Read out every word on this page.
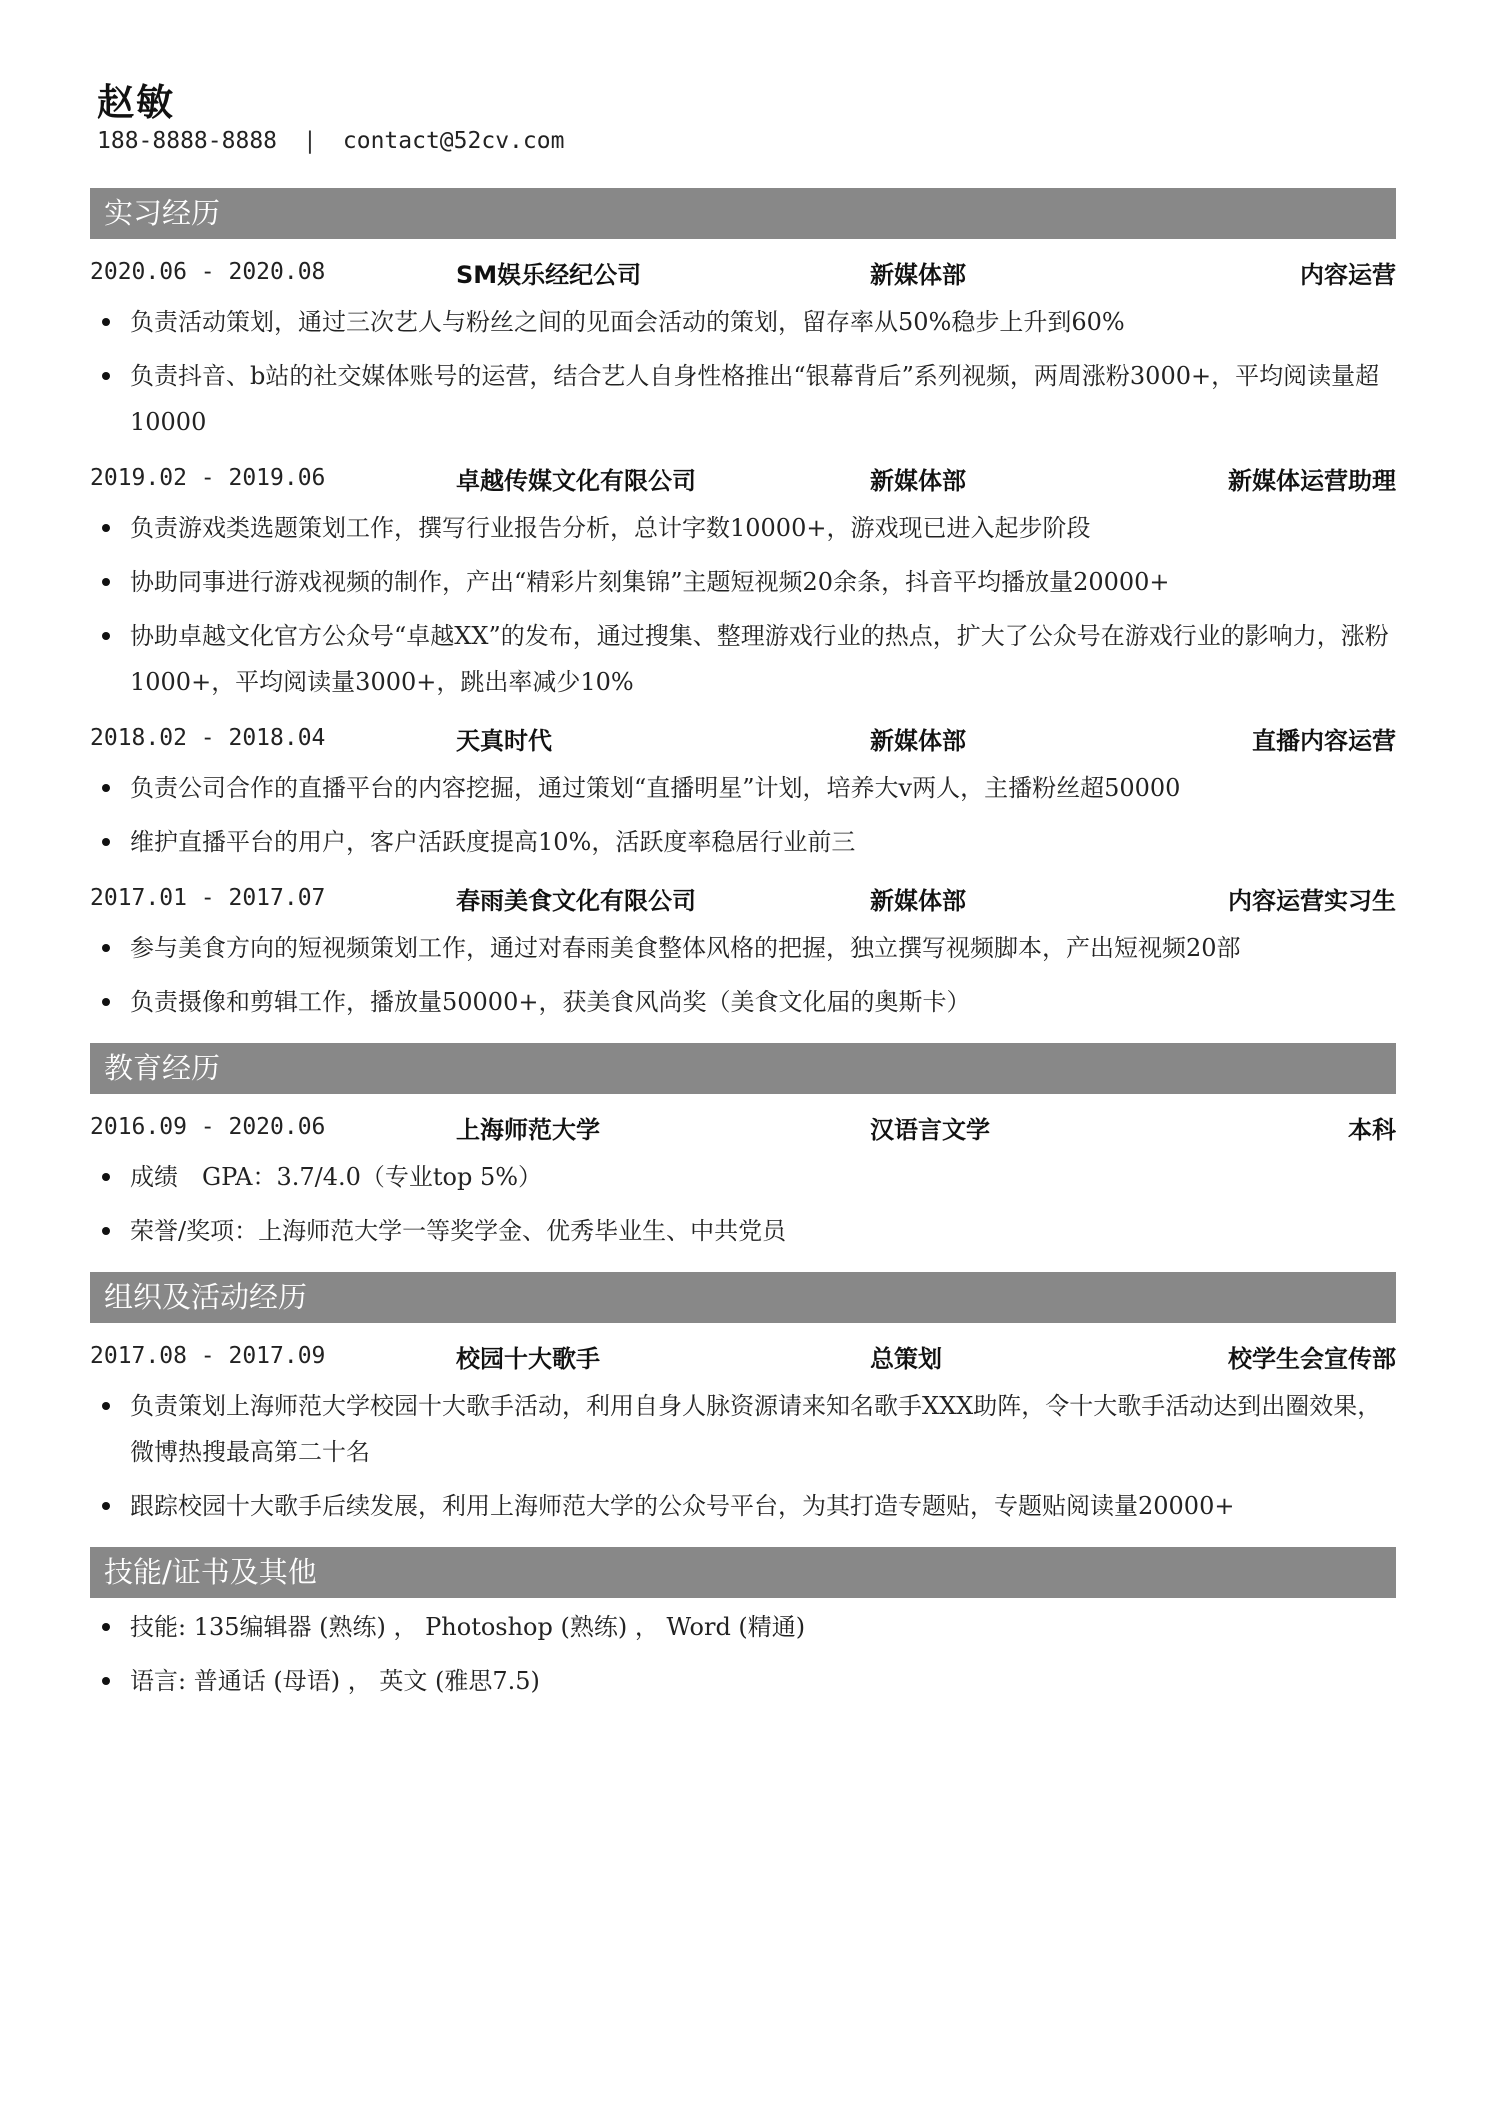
赵敏
188-8888-8888 | contact@52cv.com
实习经历
2020.06 - 2020.08	SM娱乐经纪公司	新媒体部	内容运营
负责活动策划，通过三次艺人与粉丝之间的见面会活动的策划，留存率从50%稳步上升到60%
负责抖音、b站的社交媒体账号的运营，结合艺人自身性格推出“银幕背后”系列视频，两周涨粉3000+，平均阅读量超10000
2019.02 - 2019.06	卓越传媒文化有限公司	新媒体部	新媒体运营助理
负责游戏类选题策划工作，撰写行业报告分析，总计字数10000+，游戏现已进入起步阶段
协助同事进行游戏视频的制作，产出“精彩片刻集锦”主题短视频20余条，抖音平均播放量20000+
协助卓越文化官方公众号“卓越XX”的发布，通过搜集、整理游戏行业的热点，扩大了公众号在游戏行业的影响力，涨粉1000+，平均阅读量3000+，跳出率减少10%
2018.02 - 2018.04	天真时代	新媒体部	直播内容运营
负责公司合作的直播平台的内容挖掘，通过策划“直播明星”计划，培养大v两人，主播粉丝超50000
维护直播平台的用户，客户活跃度提高10%，活跃度率稳居行业前三
2017.01 - 2017.07	春雨美食文化有限公司	新媒体部	内容运营实习生
参与美食方向的短视频策划工作，通过对春雨美食整体风格的把握，独立撰写视频脚本，产出短视频20部
负责摄像和剪辑工作，播放量50000+，获美食风尚奖（美食文化届的奥斯卡）
教育经历
2016.09 - 2020.06	上海师范大学	汉语言文学	本科
成绩　GPA：3.7/4.0（专业top 5%）
荣誉/奖项：上海师范大学一等奖学金、优秀毕业生、中共党员
组织及活动经历
2017.08 - 2017.09	校园十大歌手	总策划	校学生会宣传部
负责策划上海师范大学校园十大歌手活动，利用自身人脉资源请来知名歌手XXX助阵，令十大歌手活动达到出圈效果，微博热搜最高第二十名
跟踪校园十大歌手后续发展，利用上海师范大学的公众号平台，为其打造专题贴，专题贴阅读量20000+
技能/证书及其他
技能: 135编辑器 (熟练) ， Photoshop (熟练) ， Word (精通)
语言: 普通话 (母语) ， 英文 (雅思7.5)
